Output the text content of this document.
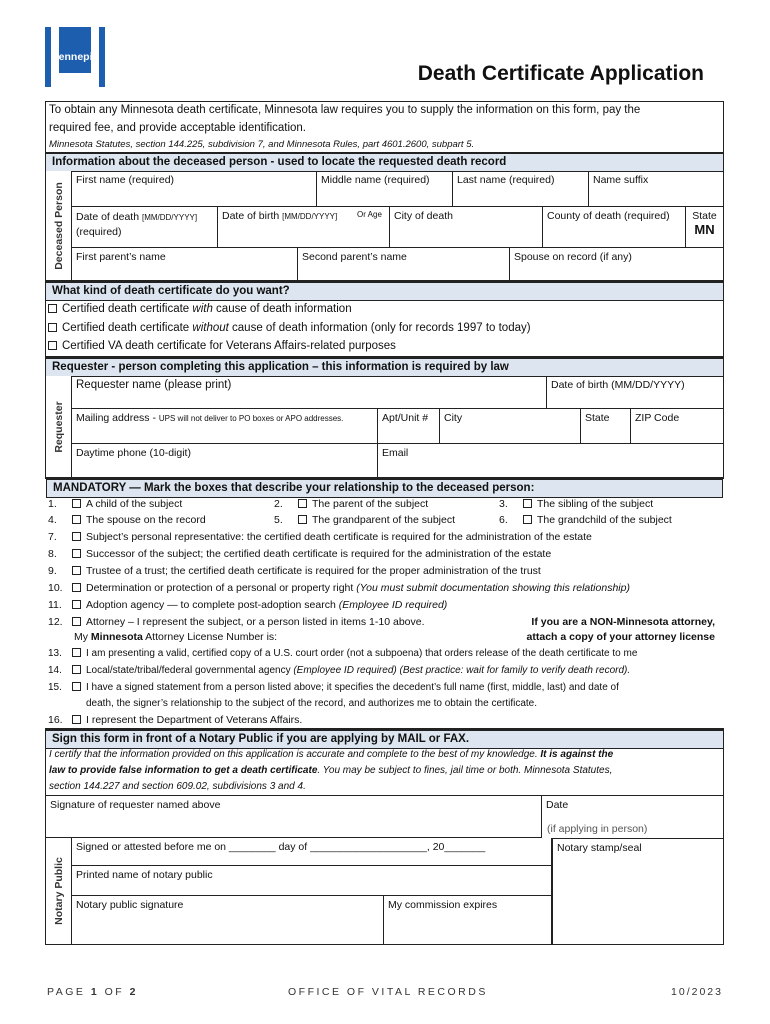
Hennepin
Death Certificate Application
To obtain any Minnesota death certificate, Minnesota law requires you to supply the information on this form, pay the
required fee, and provide acceptable identification.
Minnesota Statutes, section 144.225, subdivision 7, and Minnesota Rules, part 4601.2600, subpart 5.
Information about the deceased person - used to locate the requested death record
Deceased Person
First name (required)	Middle name (required)	Last name (required)	Name suffix
Date of death [MM/DD/YYYY]
(required)
Date of birth [MM/DD/YYYY]	Or Age	City of death	County of death (required)	State
MN
First parent’s name	Second parent’s name	Spouse on record (if any)
What kind of death certificate do you want?
Certified death certificate with cause of death information
Certified death certificate without cause of death information (only for records 1997 to today)
Certified VA death certificate for Veterans Affairs-related purposes
Requester - person completing this application – this information is required by law
Requester
Requester name (please print)	Date of birth (MM/DD/YYYY)
Mailing address - UPS will not deliver to PO boxes or APO addresses.	Apt/Unit #	City	State	ZIP Code
Daytime phone (10-digit)	Email
MANDATORY — Mark the boxes that describe your relationship to the deceased person:
1.	A child of the subject	2.	The parent of the subject	3.	The sibling of the subject
4.	The spouse on the record	5.	The grandparent of the subject	6.	The grandchild of the subject
7.	Subject’s personal representative: the certified death certificate is required for the administration of the estate
8.	Successor of the subject; the certified death certificate is required for the administration of the estate
9.	Trustee of a trust; the certified death certificate is required for the proper administration of the trust
10. Determination or protection of a personal or property right (You must submit documentation showing this relationship)
11. Adoption agency — to complete post-adoption search (Employee ID required)
12. Attorney – I represent the subject, or a person listed in items 1-10 above.
My Minnesota Attorney License Number is:
If you are a NON-Minnesota attorney,
attach a copy of your attorney license
13. I am presenting a valid, certified copy of a U.S. court order (not a subpoena) that orders release of the death certificate to me
14. Local/state/tribal/federal governmental agency (Employee ID required) (Best practice: wait for family to verify death record).
15. I have a signed statement from a person listed above; it specifies the decedent’s full name (first, middle, last) and date of
death, the signer’s relationship to the subject of the record, and authorizes me to obtain the certificate.
16. I represent the Department of Veterans Affairs.
Sign this form in front of a Notary Public if you are applying by MAIL or FAX.
I certify that the information provided on this application is accurate and complete to the best of my knowledge. It is against the
law to provide false information to get a death certificate. You may be subject to fines, jail time or both. Minnesota Statutes,
section 144.227 and section 609.02, subdivisions 3 and 4.
Signature of requester named above	Date
(if applying in person)
Notary stamp/seal
Notary Public
Signed or attested before me on ________ day of ____________________, 20_______
Printed name of notary public
Notary public signature	My commission expires
PAGE 1 OF 2	OFFICE OF VITAL RECORDS	10/2023
